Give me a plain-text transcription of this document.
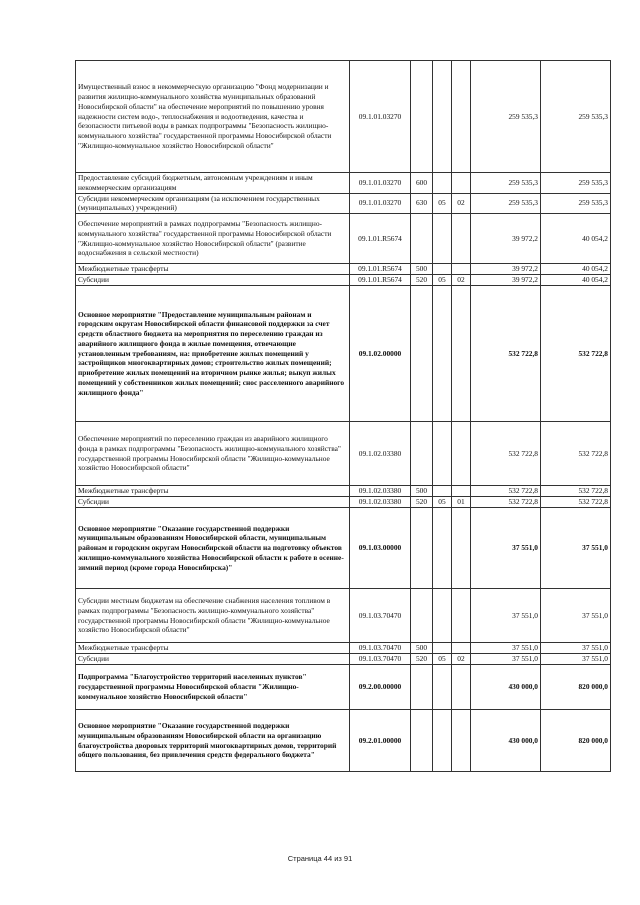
Имущественный взнос в некоммерческую организацию "Фонд модернизации и развития жилищно-коммунального хозяйства муниципальных образований Новосибирской области" на обеспечение мероприятий по повышению уровня надежности систем водо-, теплоснабжения и водоотведения, качества и безопасности питьевой воды в рамках подпрограммы "Безопасность жилищно-коммунального хозяйства" государственной программы Новосибирской области "Жилищно-коммунальное хозяйство Новосибирской области"	09.1.01.03270				259 535,3	259 535,3
Предоставление субсидий бюджетным, автономным учреждениям и иным некоммерческим организациям	09.1.01.03270	600			259 535,3	259 535,3
Субсидии некоммерческим организациям (за исключением государственных (муниципальных) учреждений)	09.1.01.03270	630	05	02	259 535,3	259 535,3
Обеспечение мероприятий в рамках подпрограммы "Безопасность жилищно-коммунального хозяйства" государственной программы Новосибирской области "Жилищно-коммунальное хозяйство Новосибирской области" (развитие водоснабжения в сельской местности)	09.1.01.R5674				39 972,2	40 054,2
Межбюджетные трансферты	09.1.01.R5674	500			39 972,2	40 054,2
Субсидии	09.1.01.R5674	520	05	02	39 972,2	40 054,2
Основное мероприятие "Предоставление муниципальным районам и городским округам Новосибирской области финансовой поддержки за счет средств областного бюджета на мероприятия по переселению граждан из аварийного жилищного фонда в жилые помещения, отвечающие установленным требованиям, на: приобретение жилых помещений у застройщиков многоквартирных домов; строительство жилых помещений; приобретение жилых помещений на вторичном рынке жилья; выкуп жилых помещений у собственников жилых помещений; снос расселенного аварийного жилищного фонда"	09.1.02.00000				532 722,8	532 722,8
Обеспечение мероприятий по переселению граждан из аварийного жилищного фонда в рамках подпрограммы "Безопасность жилищно-коммунального хозяйства" государственной программы Новосибирской области "Жилищно-коммунальное хозяйство Новосибирской области"	09.1.02.03380				532 722,8	532 722,8
Межбюджетные трансферты	09.1.02.03380	500			532 722,8	532 722,8
Субсидии	09.1.02.03380	520	05	01	532 722,8	532 722,8
Основное мероприятие "Оказание государственной поддержки муниципальным образованиям Новосибирской области, муниципальным районам и городским округам Новосибирской области на подготовку объектов жилищно-коммунального хозяйства Новосибирской области к работе в осенне-зимний период (кроме города Новосибирска)"	09.1.03.00000				37 551,0	37 551,0
Субсидии местным бюджетам на обеспечение снабжения населения топливом в рамках подпрограммы "Безопасность жилищно-коммунального хозяйства" государственной программы Новосибирской области "Жилищно-коммунальное хозяйство Новосибирской области"	09.1.03.70470				37 551,0	37 551,0
Межбюджетные трансферты	09.1.03.70470	500			37 551,0	37 551,0
Субсидии	09.1.03.70470	520	05	02	37 551,0	37 551,0
Подпрограмма "Благоустройство территорий населенных пунктов" государственной программы Новосибирской области "Жилищно-коммунальное хозяйство Новосибирской области"	09.2.00.00000				430 000,0	820 000,0
Основное мероприятие "Оказание государственной поддержки муниципальным образованиям Новосибирской области на организацию благоустройства дворовых территорий многоквартирных домов, территорий общего пользования, без привлечения средств федерального бюджета"	09.2.01.00000				430 000,0	820 000,0
Страница 44 из 91
